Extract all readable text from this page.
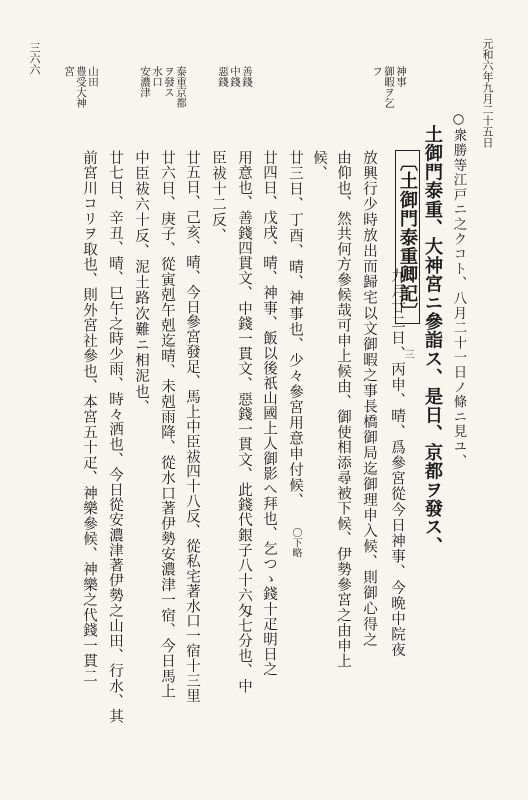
元和六年九月二十五日
三六六
神事
御暇ヲ乞
フ
善錢
中錢
惡錢
泰重京都
ヲ發ス
水口
安濃津
山田
豊受大神
宮
○衆勝等江戸ニ之クコト、八月二十一日ノ條ニ見ユ、
土御門泰重、大神宮ニ參詣ス、是日、京都ヲ發ス、
〔土御門泰重卿記〕 三
九月廿二日、丙申、晴、爲參宮從今日神事、今晩中院夜
放興行少時放出而歸宅以文御暇之事長橋御局迄御理申入候、則御心得之
由仰也、然共何方參候哉可申上候由、御使相添尋被下候、伊勢參宮之由申上
候、
廿三日、丁酉、晴、神事也、少々參宮用意申付候、 〇下略
廿四日、戊戌、晴、神事、飯以後祇山國上人御影へ拜也、乞つゝ錢十疋明日之
用意也、善錢四貫文、中錢一貫文、惡錢一貫文、此錢代銀子八十六匁七分也、中
臣祓十二反、
廿五日、己亥、晴、今日參宮發足、馬上中臣祓四十八反、從私宅著水口一宿十三里
廿六日、庚子、從寅剋午剋迄晴、未剋雨降、從水口著伊勢安濃津一宿、今日馬上
中臣祓六十反、泥土路次難ニ相泥也、
廿七日、辛丑、晴、巳午之時少雨、時々洒也、今日從安濃津著伊勢之山田、行水、其
前宮川コリヲ取也、則外宮社參也、本宮五十疋、神樂參候、神樂之代錢一貫二
